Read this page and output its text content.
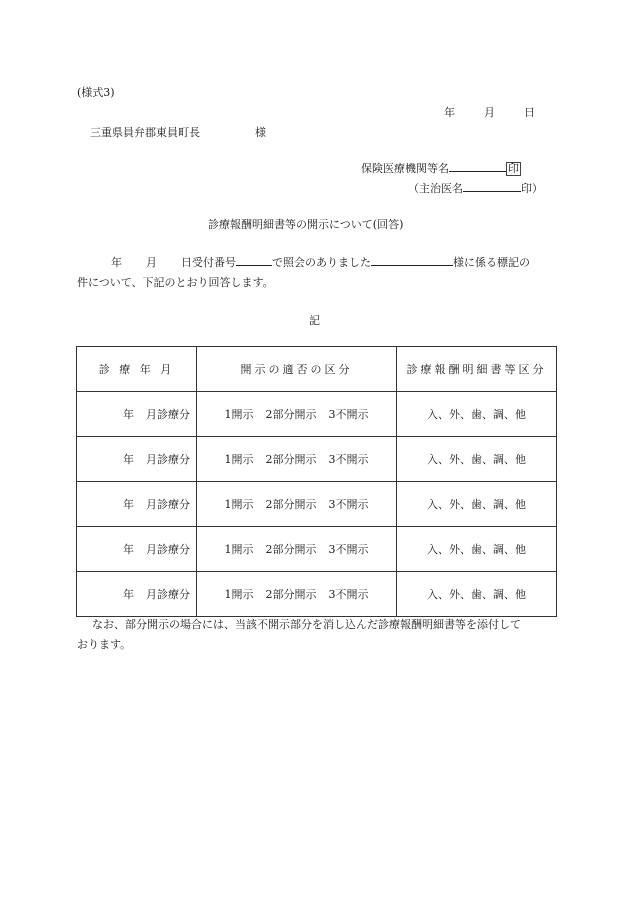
(様式3)
年	月	日
三重県員弁郡東員町長	様
保険医療機関等名	印
（主治医名	印）
診療報酬明細書等の開示について(回答)
年 月 日受付番号	で照会のありました	様に係る標記の
件について、下記のとおり回答します。
記
診 療 年 月	開示の適否の区分	診療報酬明細書等区分
年 月診療分	1開示 2部分開示 3不開示	入、外、歯、調、他
年 月診療分	1開示 2部分開示 3不開示	入、外、歯、調、他
年 月診療分	1開示 2部分開示 3不開示	入、外、歯、調、他
年 月診療分	1開示 2部分開示 3不開示	入、外、歯、調、他
年 月診療分	1開示 2部分開示 3不開示	入、外、歯、調、他
なお、部分開示の場合には、当該不開示部分を消し込んだ診療報酬明細書等を添付して
おります。
